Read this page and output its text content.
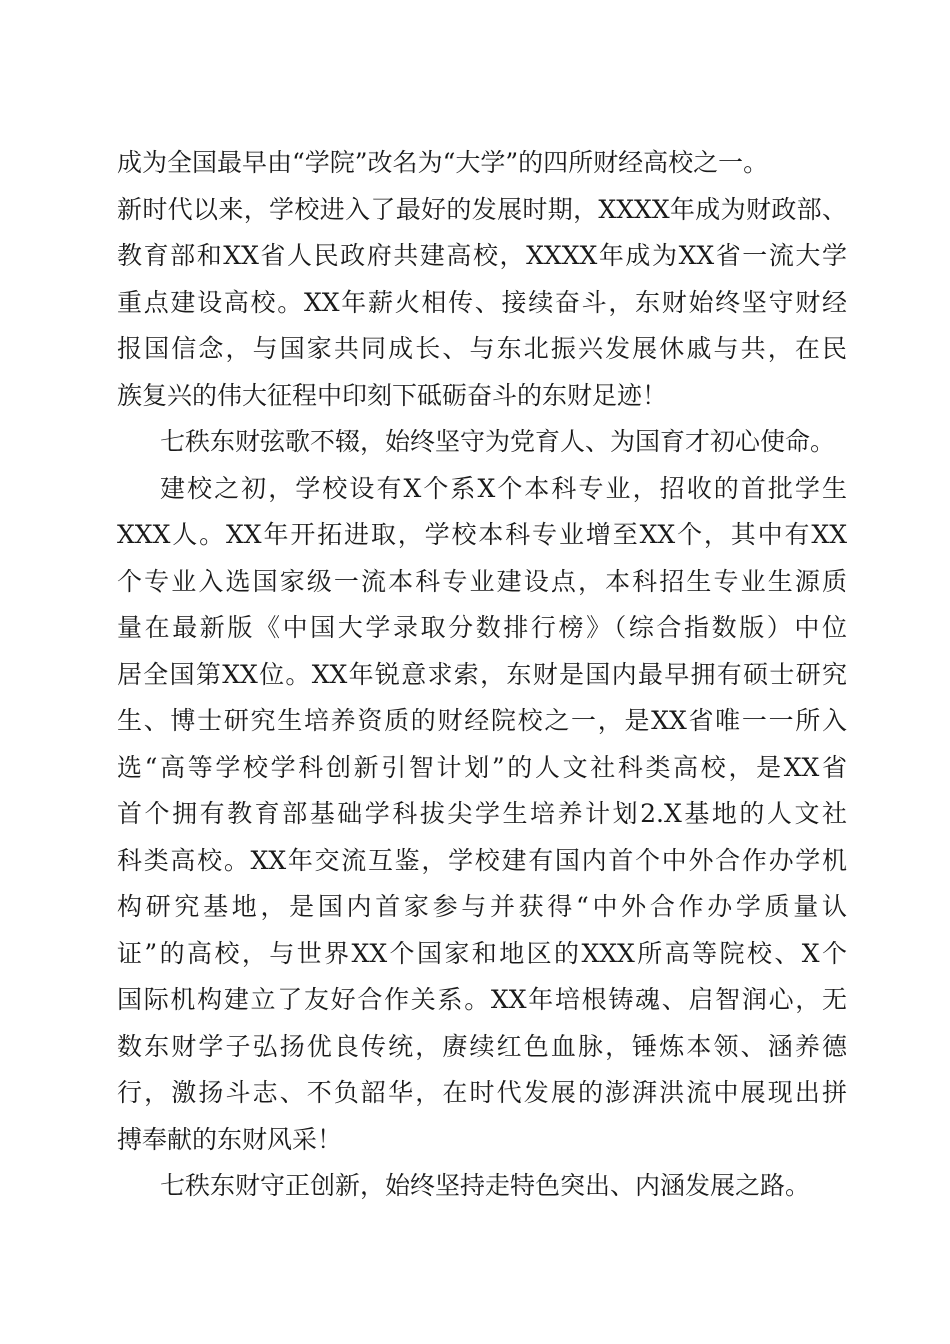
成为全国最早由“学院”改名为“大学”的四所财经高校之一。
新时代以来，学校进入了最好的发展时期，XXXX年成为财政部、
教育部和XX省人民政府共建高校，XXXX年成为XX省一流大学
重点建设高校。XX年薪火相传、接续奋斗，东财始终坚守财经
报国信念，与国家共同成长、与东北振兴发展休戚与共，在民
族复兴的伟大征程中印刻下砥砺奋斗的东财足迹！
七秩东财弦歌不辍，始终坚守为党育人、为国育才初心使命。
建校之初，学校设有X个系X个本科专业，招收的首批学生
XXX人。XX年开拓进取，学校本科专业增至XX个，其中有XX
个专业入选国家级一流本科专业建设点，本科招生专业生源质
量在最新版《中国大学录取分数排行榜》（综合指数版）中位
居全国第XX位。XX年锐意求索，东财是国内最早拥有硕士研究
生、博士研究生培养资质的财经院校之一，是XX省唯一一所入
选“高等学校学科创新引智计划”的人文社科类高校，是XX省
首个拥有教育部基础学科拔尖学生培养计划2.X基地的人文社
科类高校。XX年交流互鉴，学校建有国内首个中外合作办学机
构研究基地，是国内首家参与并获得“中外合作办学质量认
证”的高校，与世界XX个国家和地区的XXX所高等院校、X个
国际机构建立了友好合作关系。XX年培根铸魂、启智润心，无
数东财学子弘扬优良传统，赓续红色血脉，锤炼本领、涵养德
行，激扬斗志、不负韶华，在时代发展的澎湃洪流中展现出拼
搏奉献的东财风采！
七秩东财守正创新，始终坚持走特色突出、内涵发展之路。
